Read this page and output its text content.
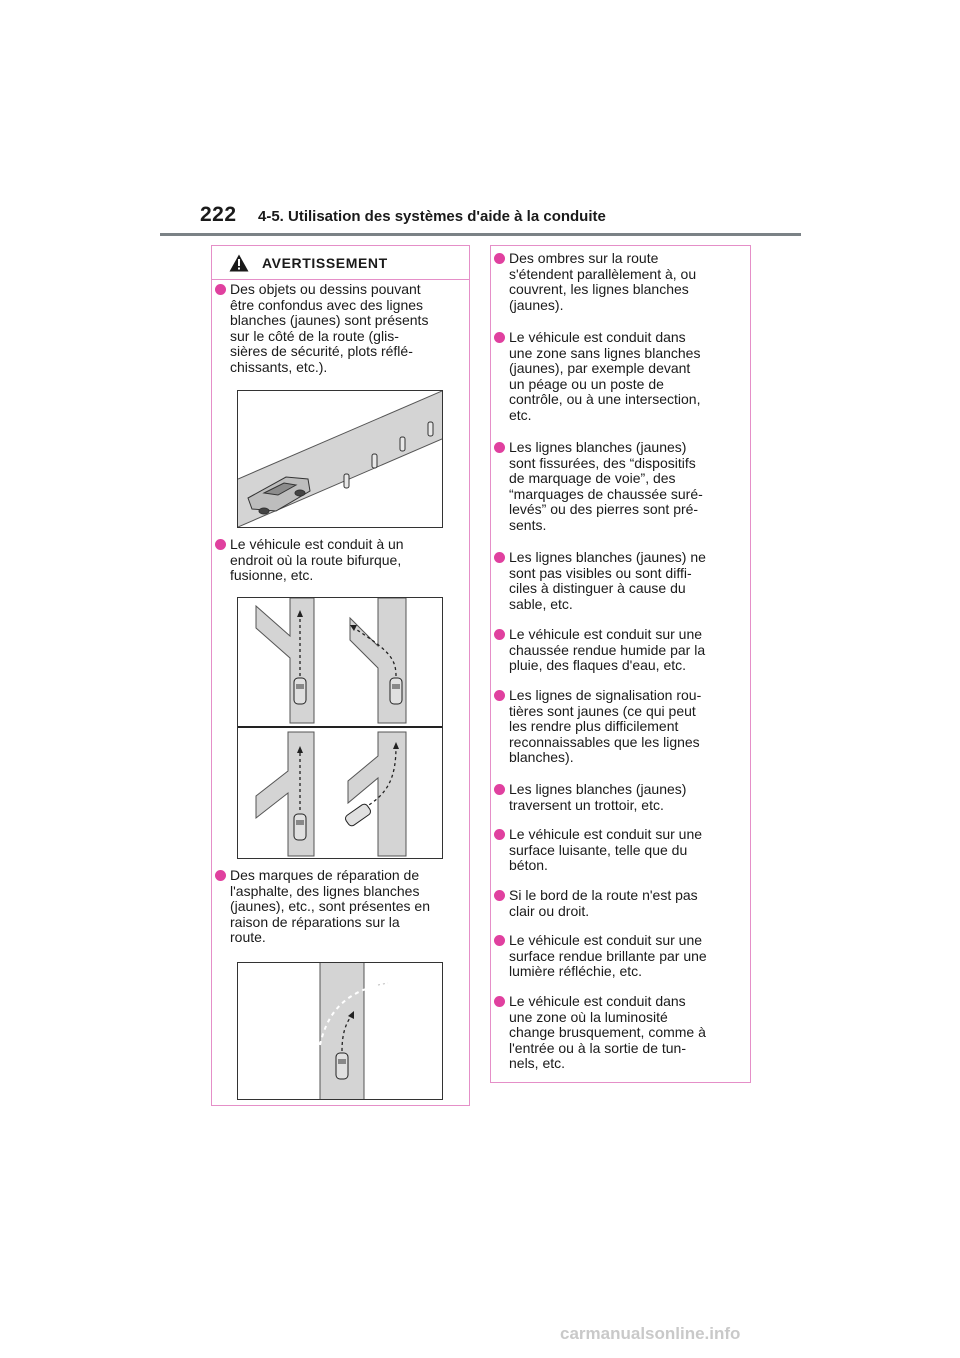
222 4-5. Utilisation des systèmes d'aide à la conduite
AVERTISSEMENT
Des objets ou dessins pouvant
être confondus avec des lignes
blanches (jaunes) sont présents
sur le côté de la route (glis-
sières de sécurité, plots réflé-
chissants, etc.).
Le véhicule est conduit à un
endroit où la route bifurque,
fusionne, etc.
Des marques de réparation de
l'asphalte, des lignes blanches
(jaunes), etc., sont présentes en
raison de réparations sur la
route.
Des ombres sur la route
s'étendent parallèlement à, ou
couvrent, les lignes blanches
(jaunes).
Le véhicule est conduit dans
une zone sans lignes blanches
(jaunes), par exemple devant
un péage ou un poste de
contrôle, ou à une intersection,
etc.
Les lignes blanches (jaunes)
sont fissurées, des “dispositifs
de marquage de voie”, des
“marquages de chaussée suré-
levés” ou des pierres sont pré-
sents.
Les lignes blanches (jaunes) ne
sont pas visibles ou sont diffi-
ciles à distinguer à cause du
sable, etc.
Le véhicule est conduit sur une
chaussée rendue humide par la
pluie, des flaques d'eau, etc.
Les lignes de signalisation rou-
tières sont jaunes (ce qui peut
les rendre plus difficilement
reconnaissables que les lignes
blanches).
Les lignes blanches (jaunes)
traversent un trottoir, etc.
Le véhicule est conduit sur une
surface luisante, telle que du
béton.
Si le bord de la route n'est pas
clair ou droit.
Le véhicule est conduit sur une
surface rendue brillante par une
lumière réfléchie, etc.
Le véhicule est conduit dans
une zone où la luminosité
change brusquement, comme à
l'entrée ou à la sortie de tun-
nels, etc.
carmanualsonline.info
